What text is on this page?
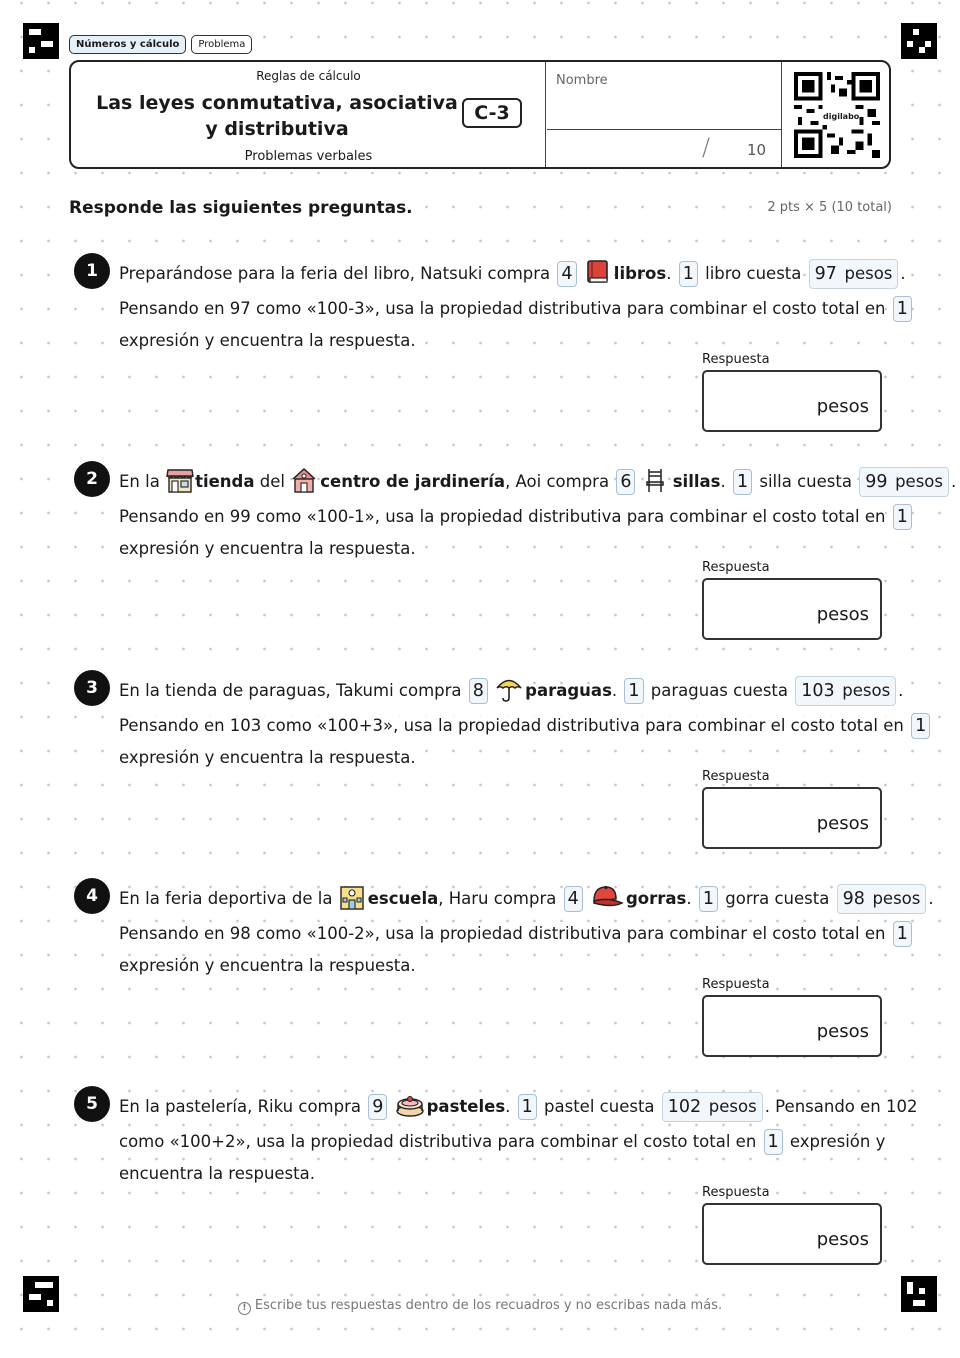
Números y cálculo	Problema
Reglas de cálculo
Las leyes conmutativa, asociativa y distributiva
C-3
Problemas verbales
Nombre
/ 10
digilabo
Responde las siguientes preguntas.	2 pts × 5 (10 total)
1	Preparándose para la feria del libro, Natsuki compra 4	libros. 1 libro cuesta 97 pesos .
Pensando en 97 como «100-3», usa la propiedad distributiva para combinar el costo total en 1
expresión y encuentra la respuesta.
Respuesta
pesos
2	En la tienda del centro de jardinería, Aoi compra 6	sillas. 1 silla cuesta 99 pesos .
Pensando en 99 como «100-1», usa la propiedad distributiva para combinar el costo total en 1
expresión y encuentra la respuesta.
Respuesta
pesos
3	En la tienda de paraguas, Takumi compra 8	paraguas. 1 paraguas cuesta 103 pesos .
Pensando en 103 como «100+3», usa la propiedad distributiva para combinar el costo total en 1
expresión y encuentra la respuesta.
Respuesta
pesos
4	En la feria deportiva de la escuela, Haru compra 4	gorras. 1 gorra cuesta 98 pesos .
Pensando en 98 como «100-2», usa la propiedad distributiva para combinar el costo total en 1
expresión y encuentra la respuesta.
Respuesta
pesos
5	En la pastelería, Riku compra 9	pasteles. 1 pastel cuesta 102 pesos . Pensando en 102
como «100+2», usa la propiedad distributiva para combinar el costo total en 1 expresión y
encuentra la respuesta.
Respuesta
pesos
! Escribe tus respuestas dentro de los recuadros y no escribas nada más.
